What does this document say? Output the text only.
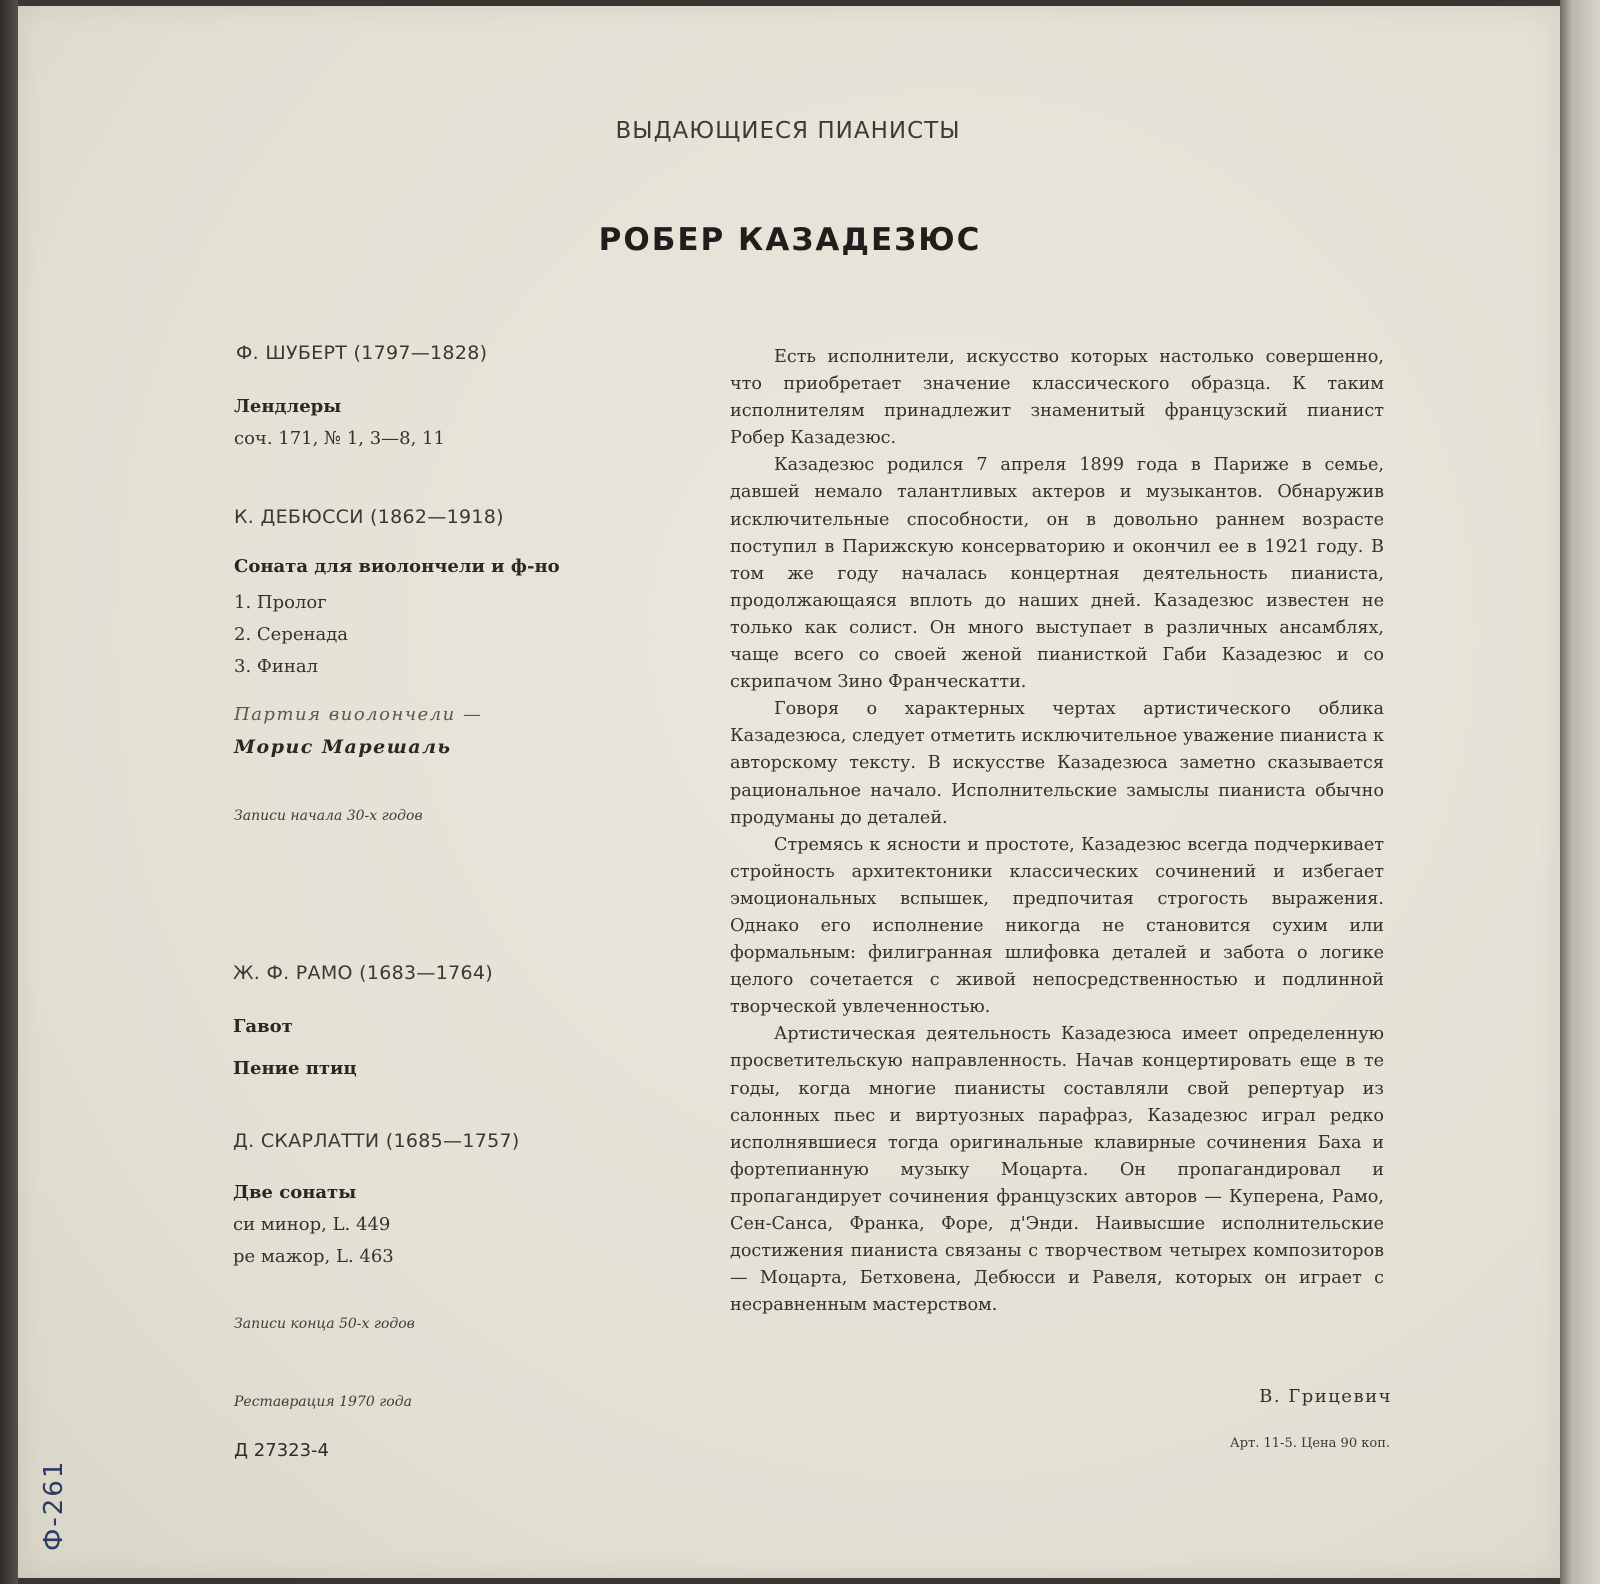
ВЫДАЮЩИЕСЯ ПИАНИСТЫ
РОБЕР КАЗАДЕЗЮС
Ф. ШУБЕРТ (1797—1828)
Лендлеры
соч. 171, № 1, 3—8, 11
К. ДЕБЮССИ (1862—1918)
Соната для виолончели и ф-но
1. Пролог
2. Серенада
3. Финал
Партия виолончели —
Морис Марешаль
Записи начала 30-х годов
Ж. Ф. РАМО (1683—1764)
Гавот
Пение птиц
Д. СКАРЛАТТИ (1685—1757)
Две сонаты
си минор, L. 449
ре мажор, L. 463
Записи конца 50-х годов
Реставрация 1970 года
Д 27323-4

Есть исполнители, искусство которых настолько совершенно, что приобретает значение классического образца. К таким исполнителям принадлежит знаменитый французский пианист Робер Казадезюс.

Казадезюс родился 7 апреля 1899 года в Париже в семье, давшей немало талантливых актеров и музыкантов. Обнаружив исключительные способности, он в довольно раннем возрасте поступил в Парижскую консерваторию и окончил ее в 1921 году. В том же году началась концертная деятельность пианиста, продолжающаяся вплоть до наших дней. Казадезюс известен не только как солист. Он много выступает в различных ансамблях, чаще всего со своей женой пианисткой Габи Казадезюс и со скрипачом Зино Франческатти.

Говоря о характерных чертах артистического облика Казадезюса, следует отметить исключительное уважение пианиста к авторскому тексту. В искусстве Казадезюса заметно сказывается рациональное начало. Исполнительские замыслы пианиста обычно продуманы до деталей.

Стремясь к ясности и простоте, Казадезюс всегда подчеркивает стройность архитектоники классических сочинений и избегает эмоциональных вспышек, предпочитая строгость выражения. Однако его исполнение никогда не становится сухим или формальным: филигранная шлифовка деталей и забота о логике целого сочетается с живой непосредственностью и подлинной творческой увлеченностью.

Артистическая деятельность Казадезюса имеет определенную просветительскую направленность. Начав концертировать еще в те годы, когда многие пианисты составляли свой репертуар из салонных пьес и виртуозных парафраз, Казадезюс играл редко исполнявшиеся тогда оригинальные клавирные сочинения Баха и фортепианную музыку Моцарта. Он пропагандировал и пропагандирует сочинения французских авторов — Куперена, Рамо, Сен-Санса, Франка, Форе, д'Энди. Наивысшие исполнительские достижения пианиста связаны с творчеством четырех композиторов — Моцарта, Бетховена, Дебюсси и Равеля, которых он играет с несравненным мастерством.

В. Грицевич
Арт. 11-5. Цена 90 коп.
Ф-261
